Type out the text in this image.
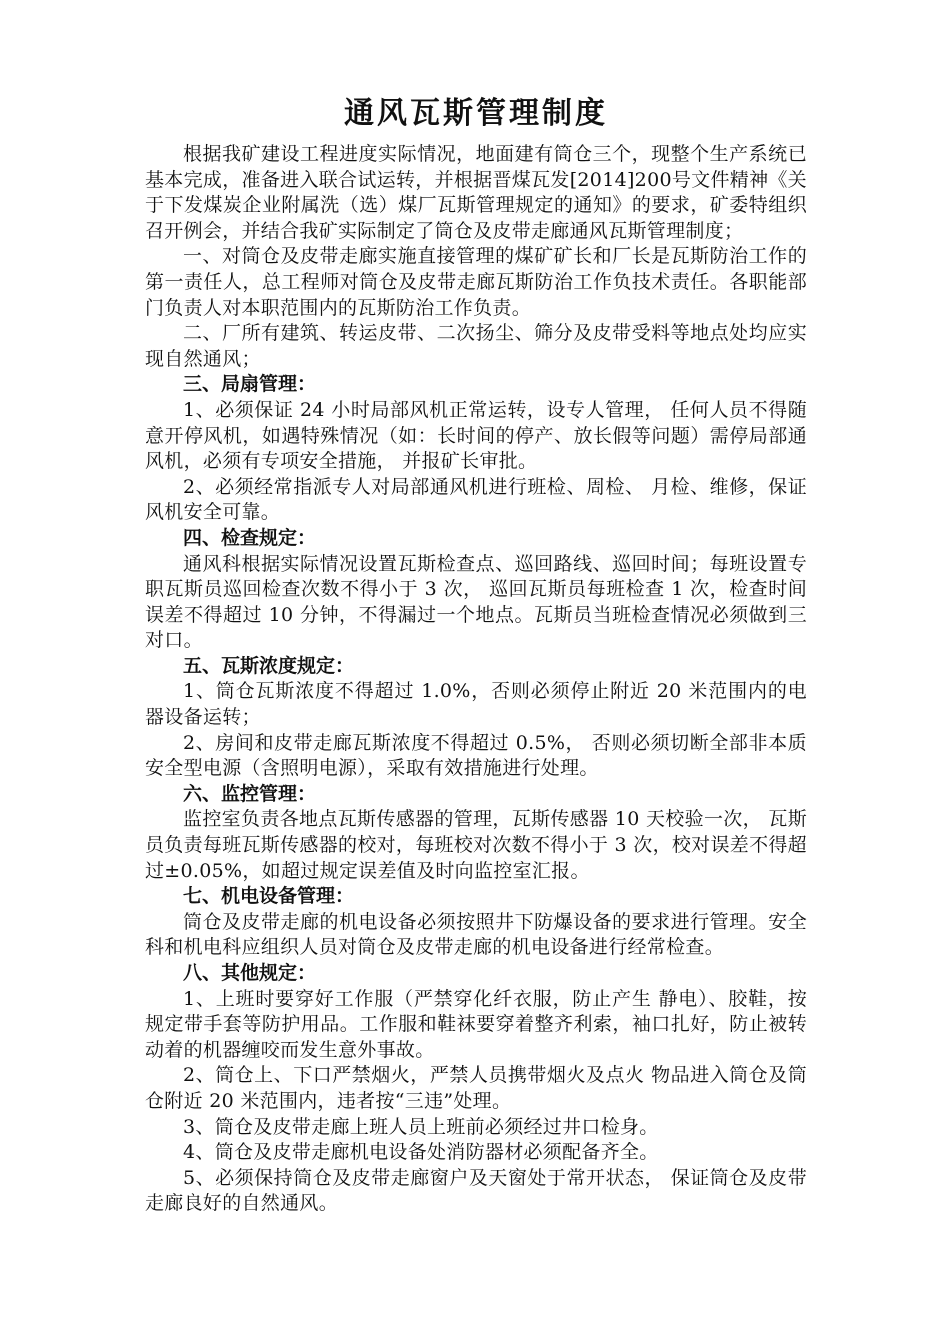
通风瓦斯管理制度

根据我矿建设工程进度实际情况，地面建有筒仓三个，现整个生产系统已基本完成，准备进入联合试运转，并根据晋煤瓦发[2014]200号文件精神《关于下发煤炭企业附属洗（选）煤厂瓦斯管理规定的通知》的要求，矿委特组织召开例会，并结合我矿实际制定了筒仓及皮带走廊通风瓦斯管理制度；

一、对筒仓及皮带走廊实施直接管理的煤矿矿长和厂长是瓦斯防治工作的第一责任人，总工程师对筒仓及皮带走廊瓦斯防治工作负技术责任。各职能部门负责人对本职范围内的瓦斯防治工作负责。

二、厂所有建筑、转运皮带、二次扬尘、筛分及皮带受料等地点处均应实现自然通风；

三、局扇管理：

1、必须保证 24 小时局部风机正常运转，设专人管理， 任何人员不得随意开停风机，如遇特殊情况（如：长时间的停产、放长假等问题）需停局部通风机，必须有专项安全措施， 并报矿长审批。

2、必须经常指派专人对局部通风机进行班检、周检、 月检、维修，保证风机安全可靠。

四、检查规定：

通风科根据实际情况设置瓦斯检查点、巡回路线、巡回时间；每班设置专职瓦斯员巡回检查次数不得小于 3 次， 巡回瓦斯员每班检查 1 次，检查时间误差不得超过 10 分钟，不得漏过一个地点。瓦斯员当班检查情况必须做到三对口。

五、瓦斯浓度规定：

1、筒仓瓦斯浓度不得超过 1.0%，否则必须停止附近 20 米范围内的电器设备运转；

2、房间和皮带走廊瓦斯浓度不得超过 0.5%， 否则必须切断全部非本质安全型电源（含照明电源），采取有效措施进行处理。

六、监控管理：

监控室负责各地点瓦斯传感器的管理，瓦斯传感器 10 天校验一次， 瓦斯员负责每班瓦斯传感器的校对，每班校对次数不得小于 3 次，校对误差不得超过±0.05%，如超过规定误差值及时向监控室汇报。

七、机电设备管理：

筒仓及皮带走廊的机电设备必须按照井下防爆设备的要求进行管理。安全科和机电科应组织人员对筒仓及皮带走廊的机电设备进行经常检查。

八、其他规定：

1、上班时要穿好工作服（严禁穿化纤衣服，防止产生 静电）、胶鞋，按规定带手套等防护用品。工作服和鞋袜要穿着整齐利索，袖口扎好，防止被转动着的机器缠咬而发生意外事故。

2、筒仓上、下口严禁烟火，严禁人员携带烟火及点火 物品进入筒仓及筒仓附近 20 米范围内，违者按“三违”处理。

3、筒仓及皮带走廊上班人员上班前必须经过井口检身。

4、筒仓及皮带走廊机电设备处消防器材必须配备齐全。

5、必须保持筒仓及皮带走廊窗户及天窗处于常开状态， 保证筒仓及皮带走廊良好的自然通风。
